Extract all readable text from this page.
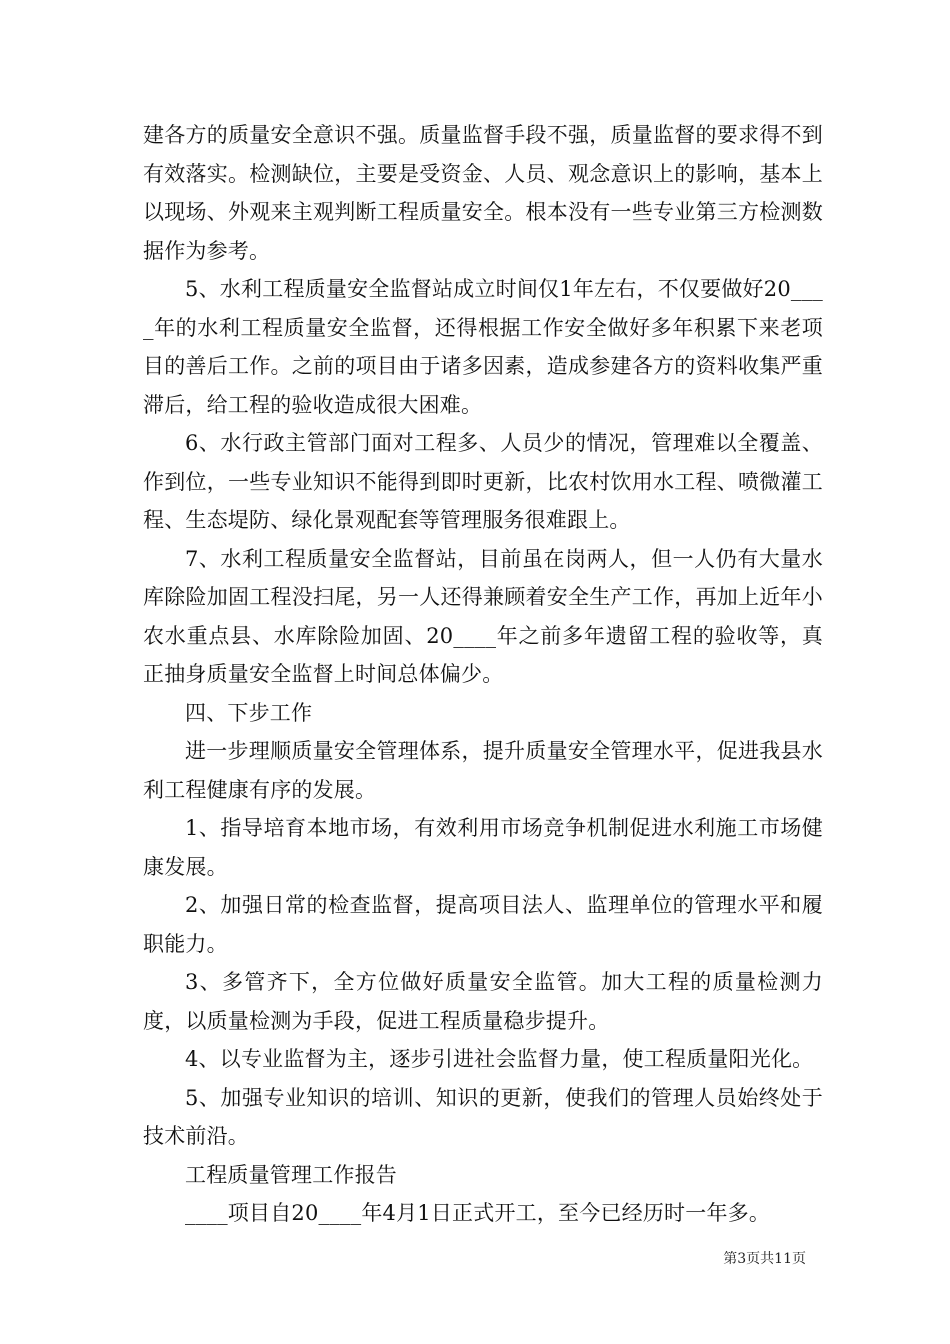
建各方的质量安全意识不强。质量监督手段不强，质量监督的要求得不到有效落实。检测缺位，主要是受资金、人员、观念意识上的影响，基本上以现场、外观来主观判断工程质量安全。根本没有一些专业第三方检测数据作为参考。

5、水利工程质量安全监督站成立时间仅1年左右，不仅要做好20____年的水利工程质量安全监督，还得根据工作安全做好多年积累下来老项目的善后工作。之前的项目由于诸多因素，造成参建各方的资料收集严重滞后，给工程的验收造成很大困难。

6、水行政主管部门面对工程多、人员少的情况，管理难以全覆盖、作到位，一些专业知识不能得到即时更新，比农村饮用水工程、喷微灌工程、生态堤防、绿化景观配套等管理服务很难跟上。

7、水利工程质量安全监督站，目前虽在岗两人，但一人仍有大量水库除险加固工程没扫尾，另一人还得兼顾着安全生产工作，再加上近年小农水重点县、水库除险加固、20____年之前多年遗留工程的验收等，真正抽身质量安全监督上时间总体偏少。

四、下步工作

进一步理顺质量安全管理体系，提升质量安全管理水平，促进我县水利工程健康有序的发展。

1、指导培育本地市场，有效利用市场竞争机制促进水利施工市场健康发展。

2、加强日常的检查监督，提高项目法人、监理单位的管理水平和履职能力。

3、多管齐下，全方位做好质量安全监管。加大工程的质量检测力度，以质量检测为手段，促进工程质量稳步提升。

4、以专业监督为主，逐步引进社会监督力量，使工程质量阳光化。

5、加强专业知识的培训、知识的更新，使我们的管理人员始终处于技术前沿。

工程质量管理工作报告

____项目自20____年4月1日正式开工，至今已经历时一年多。

第3页共11页
